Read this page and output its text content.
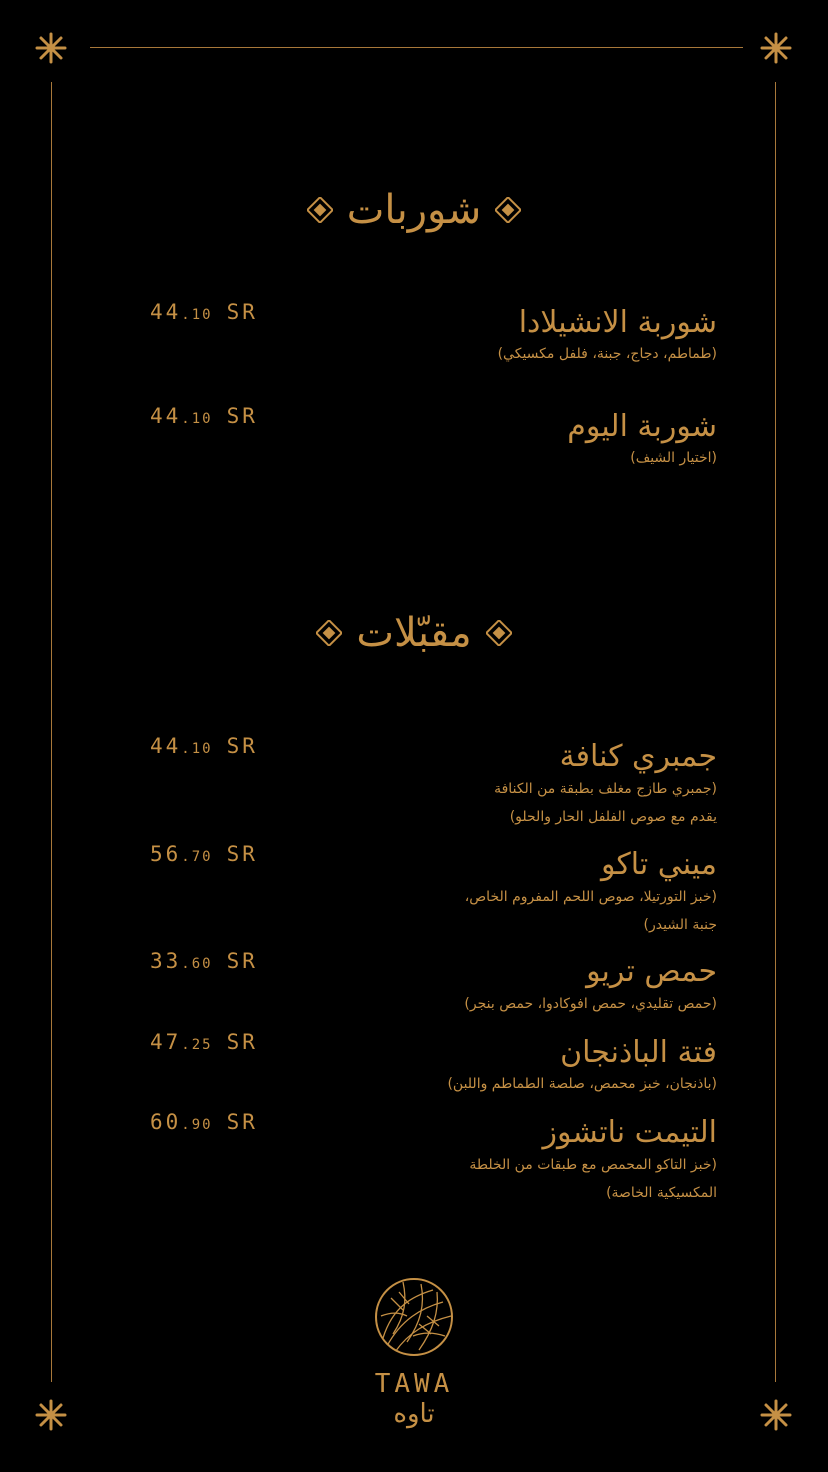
شوربات
شوربة الانشيلادا
44.10 SR
(طماطم، دجاج، جبنة، فلفل مكسيكي)
شوربة اليوم
44.10 SR
(اختيار الشيف)
مقبّلات
جمبري كنافة
44.10 SR
(جمبري طازج مغلف بطبقة من الكنافة
يقدم مع صوص الفلفل الحار والحلو)
ميني تاكو
56.70 SR
(خبز التورتيلا، صوص اللحم المفروم الخاص،
جنبة الشيدر)
حمص تريو
33.60 SR
(حمص تقليدي، حمص افوكادوا، حمص بنجر)
فتة الباذنجان
47.25 SR
(باذنجان، خبز محمص، صلصة الطماطم واللبن)
التيمت ناتشوز
60.90 SR
(خبز التاكو المحمص مع طبقات من الخلطة
المكسيكية الخاصة)
TAWA
تاوه
